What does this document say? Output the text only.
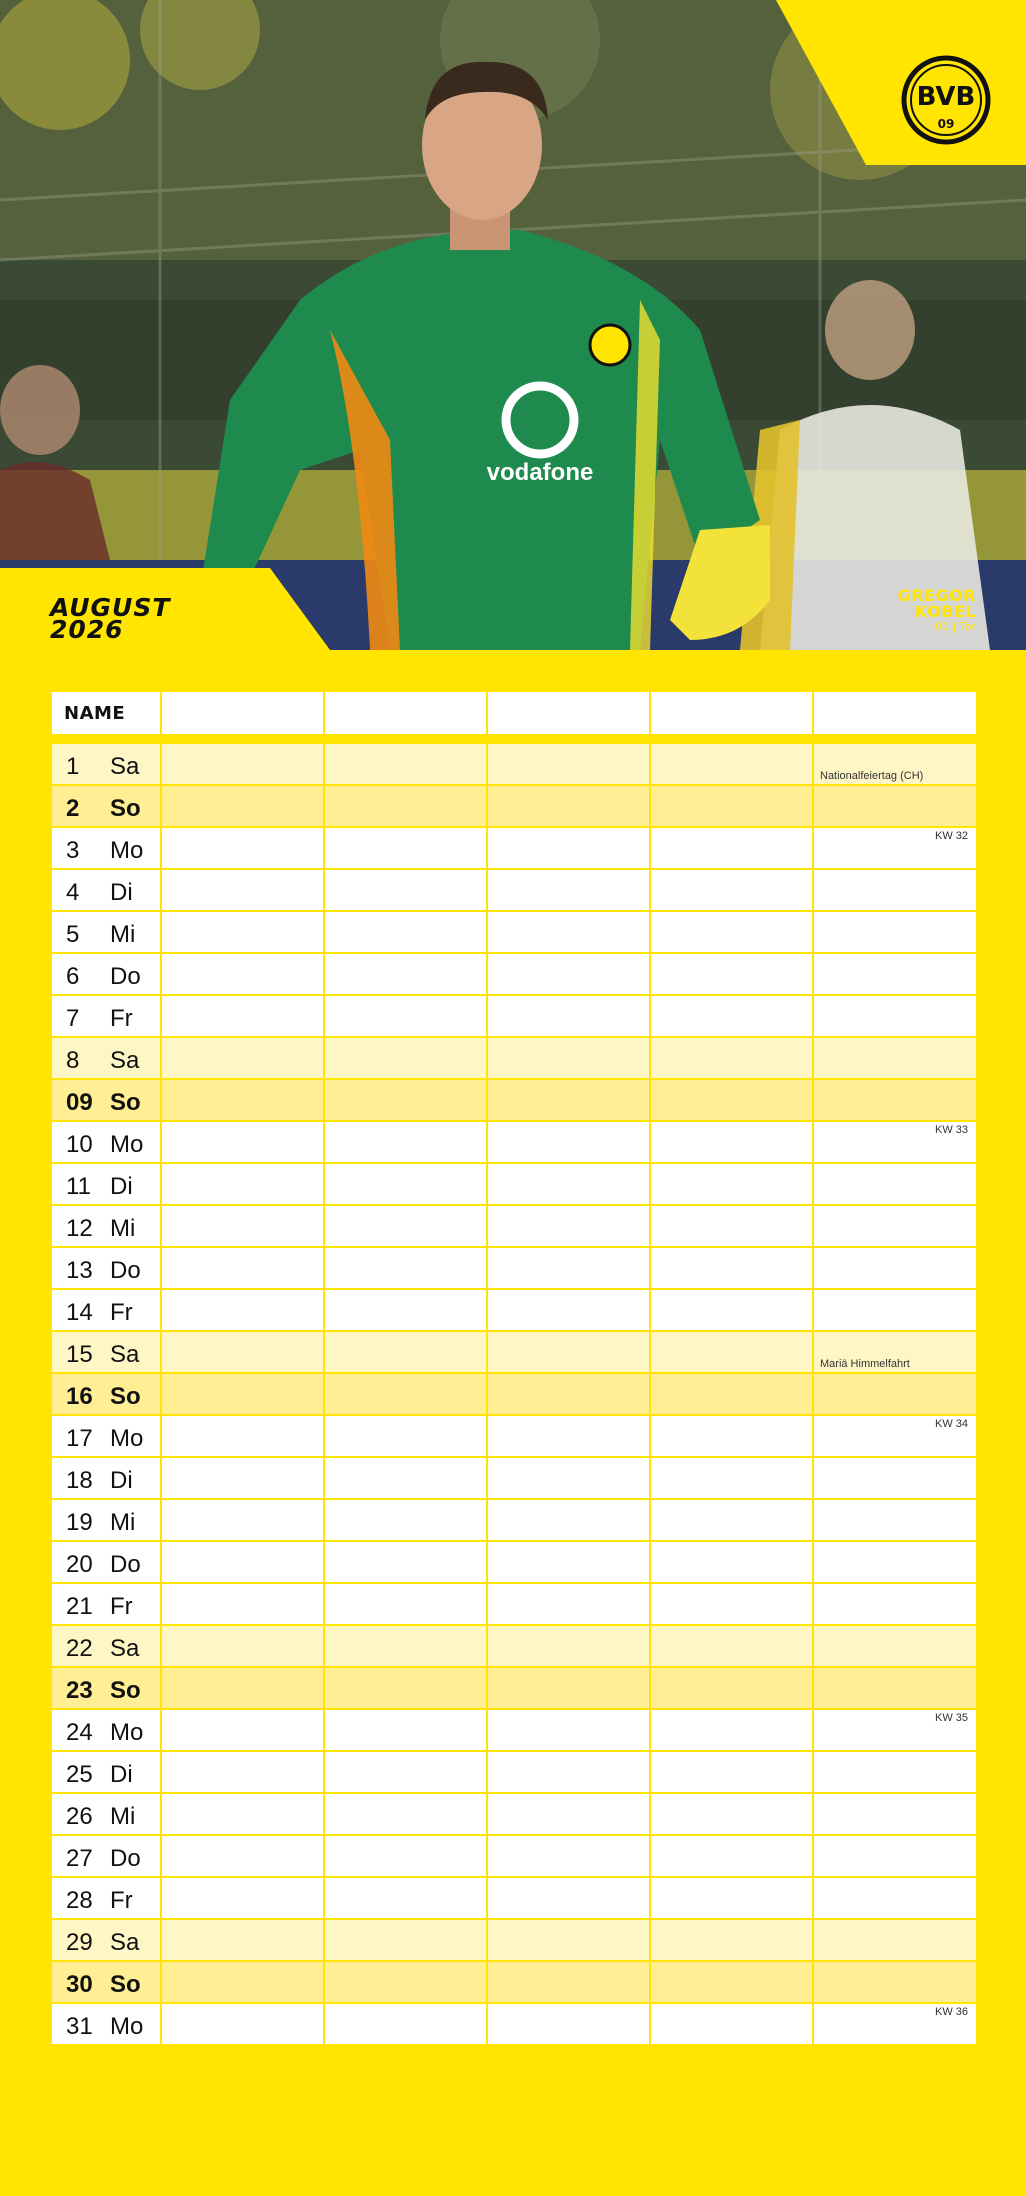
vodafone
BVB
09
AUGUST
2026
GREGOR
KOBEL
01 | Tor
NAME					

1 Sa					Nationalfeiertag (CH)

2 So					

3 Mo					KW 32

4 Di					

5 Mi					

6 Do					

7 Fr					

8 Sa					

09 So					

10 Mo					KW 33

11 Di					

12 Mi					

13 Do					

14 Fr					

15 Sa					Mariä Himmelfahrt

16 So					

17 Mo					KW 34

18 Di					

19 Mi					

20 Do					

21 Fr					

22 Sa					

23 So					

24 Mo					KW 35

25 Di					

26 Mi					

27 Do					

28 Fr					

29 Sa					

30 So					

31 Mo					KW 36
